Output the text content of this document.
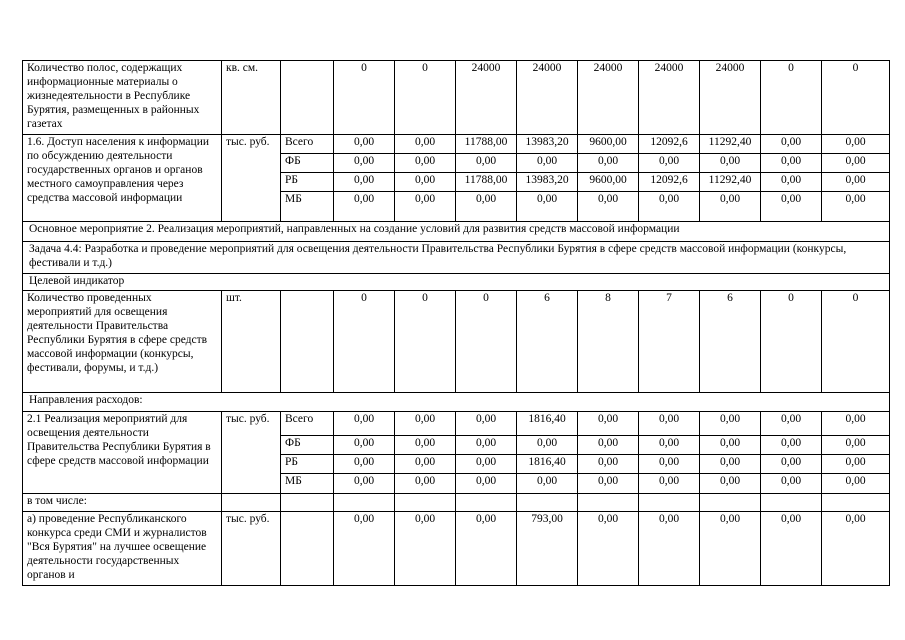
Количество полос, содержащих информационные материалы о жизнедеятельности в Республике Бурятия, размещенных в районных газетах	кв. см.		0	0	24000	24000	24000	24000	24000	0	0
1.6. Доступ населения к информации по обсуждению деятельности государственных органов и органов местного самоуправления через средства массовой информации	тыс. руб.	Всего	0,00	0,00	11788,00	13983,20	9600,00	12092,6	11292,40	0,00	0,00
		ФБ	0,00	0,00	0,00	0,00	0,00	0,00	0,00	0,00	0,00
		РБ	0,00	0,00	11788,00	13983,20	9600,00	12092,6	11292,40	0,00	0,00
		МБ	0,00	0,00	0,00	0,00	0,00	0,00	0,00	0,00	0,00
Основное мероприятие 2. Реализация мероприятий, направленных на создание условий для развития средств массовой информации											
Задача 4.4: Разработка и проведение мероприятий для освещения деятельности Правительства Республики Бурятия в сфере средств массовой информации (конкурсы, фестивали и т.д.)											
Целевой индикатор											
Количество проведенных мероприятий для освещения деятельности Правительства Республики Бурятия в сфере средств массовой информации (конкурсы, фестивали, форумы, и т.д.)	шт.		0	0	0	6	8	7	6	0	0
Направления расходов:											
2.1 Реализация мероприятий для освещения деятельности Правительства Республики Бурятия в сфере средств массовой информации	тыс. руб.	Всего	0,00	0,00	0,00	1816,40	0,00	0,00	0,00	0,00	0,00
		ФБ	0,00	0,00	0,00	0,00	0,00	0,00	0,00	0,00	0,00
		РБ	0,00	0,00	0,00	1816,40	0,00	0,00	0,00	0,00	0,00
		МБ	0,00	0,00	0,00	0,00	0,00	0,00	0,00	0,00	0,00
в том числе:											
а) проведение Республиканского конкурса среди СМИ и журналистов "Вся Бурятия" на лучшее освещение деятельности государственных органов и	тыс. руб.		0,00	0,00	0,00	793,00	0,00	0,00	0,00	0,00	0,00
